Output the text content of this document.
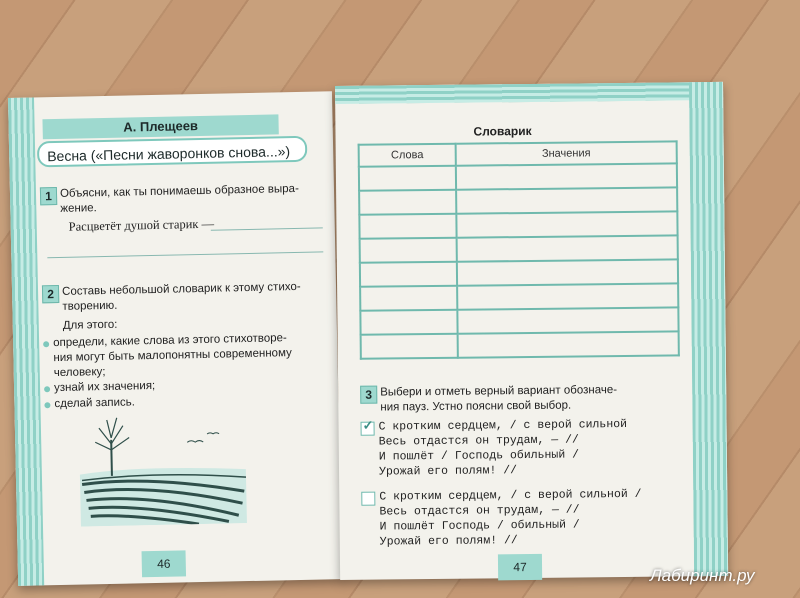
А. Плещеев
Весна («Песни жаворонков снова...»)
1 Объясни, как ты понимаешь образное выра-
жение.
Расцветёт душой старик —
2 Составь небольшой словарик к этому стихо-
творению.
Для этого:
определи, какие слова из этого стихотворе-
ния могут быть малопонятны современному
человеку;
узнай их значения;
сделай запись.
46
Словарик
Слова	Значения

3 Выбери и отметь верный вариант обозначе-
ния пауз. Устно поясни свой выбор.
✓ С кротким сердцем, / с верой сильной
Весь отдастся он трудам, — //
И пошлёт / Господь обильный /
Урожай его полям! //
С кротким сердцем, / с верой сильной /
Весь отдастся он трудам, — //
И пошлёт Господь / обильный /
Урожай его полям! //
47	Лабиринт.ру
